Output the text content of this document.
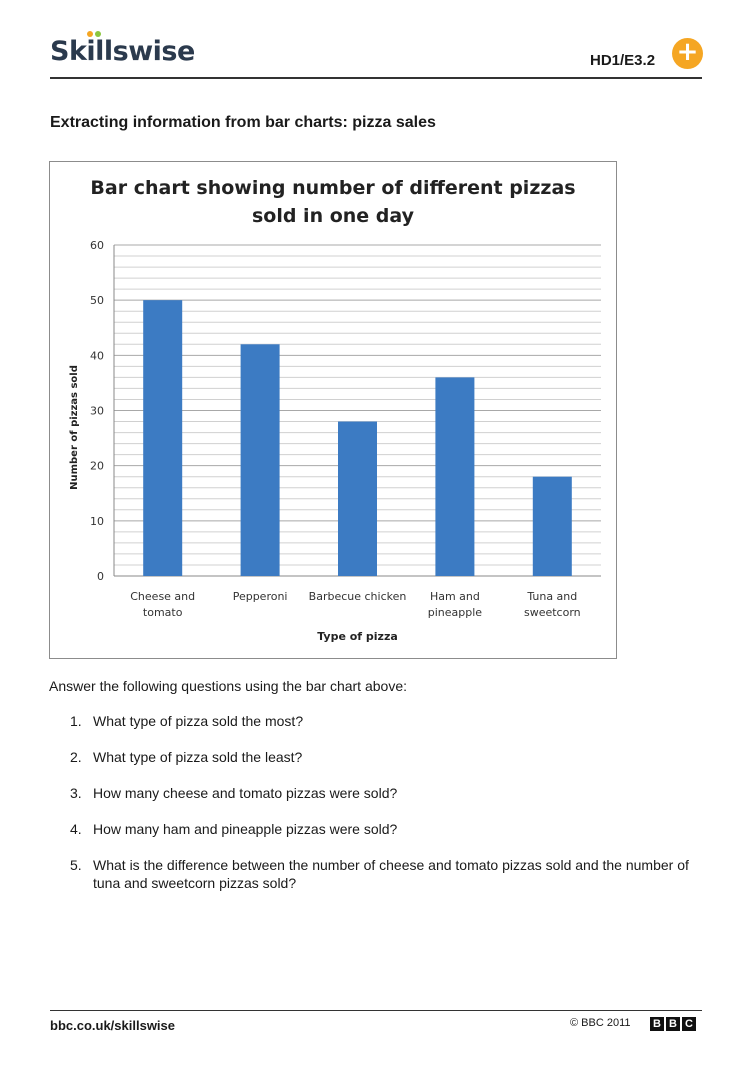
Skillswise	HD1/E3.2 +
Extracting information from bar charts: pizza sales
Bar chart showing number of different pizzas
sold in one day
0
10
20
30
40
50
60
Cheese and
tomato
Pepperoni Barbecue chicken Ham and
pineapple
Tuna and
sweetcorn
Type of pizza
Number of pizzas sold
Answer the following questions using the bar chart above:
1. What type of pizza sold the most?
2. What type of pizza sold the least?
3. How many cheese and tomato pizzas were sold?
4. How many ham and pineapple pizzas were sold?
5. What is the difference between the number of cheese and tomato pizzas sold and the number of tuna and sweetcorn pizzas sold?
bbc.co.uk/skillswise	© BBC 2011 B B C
